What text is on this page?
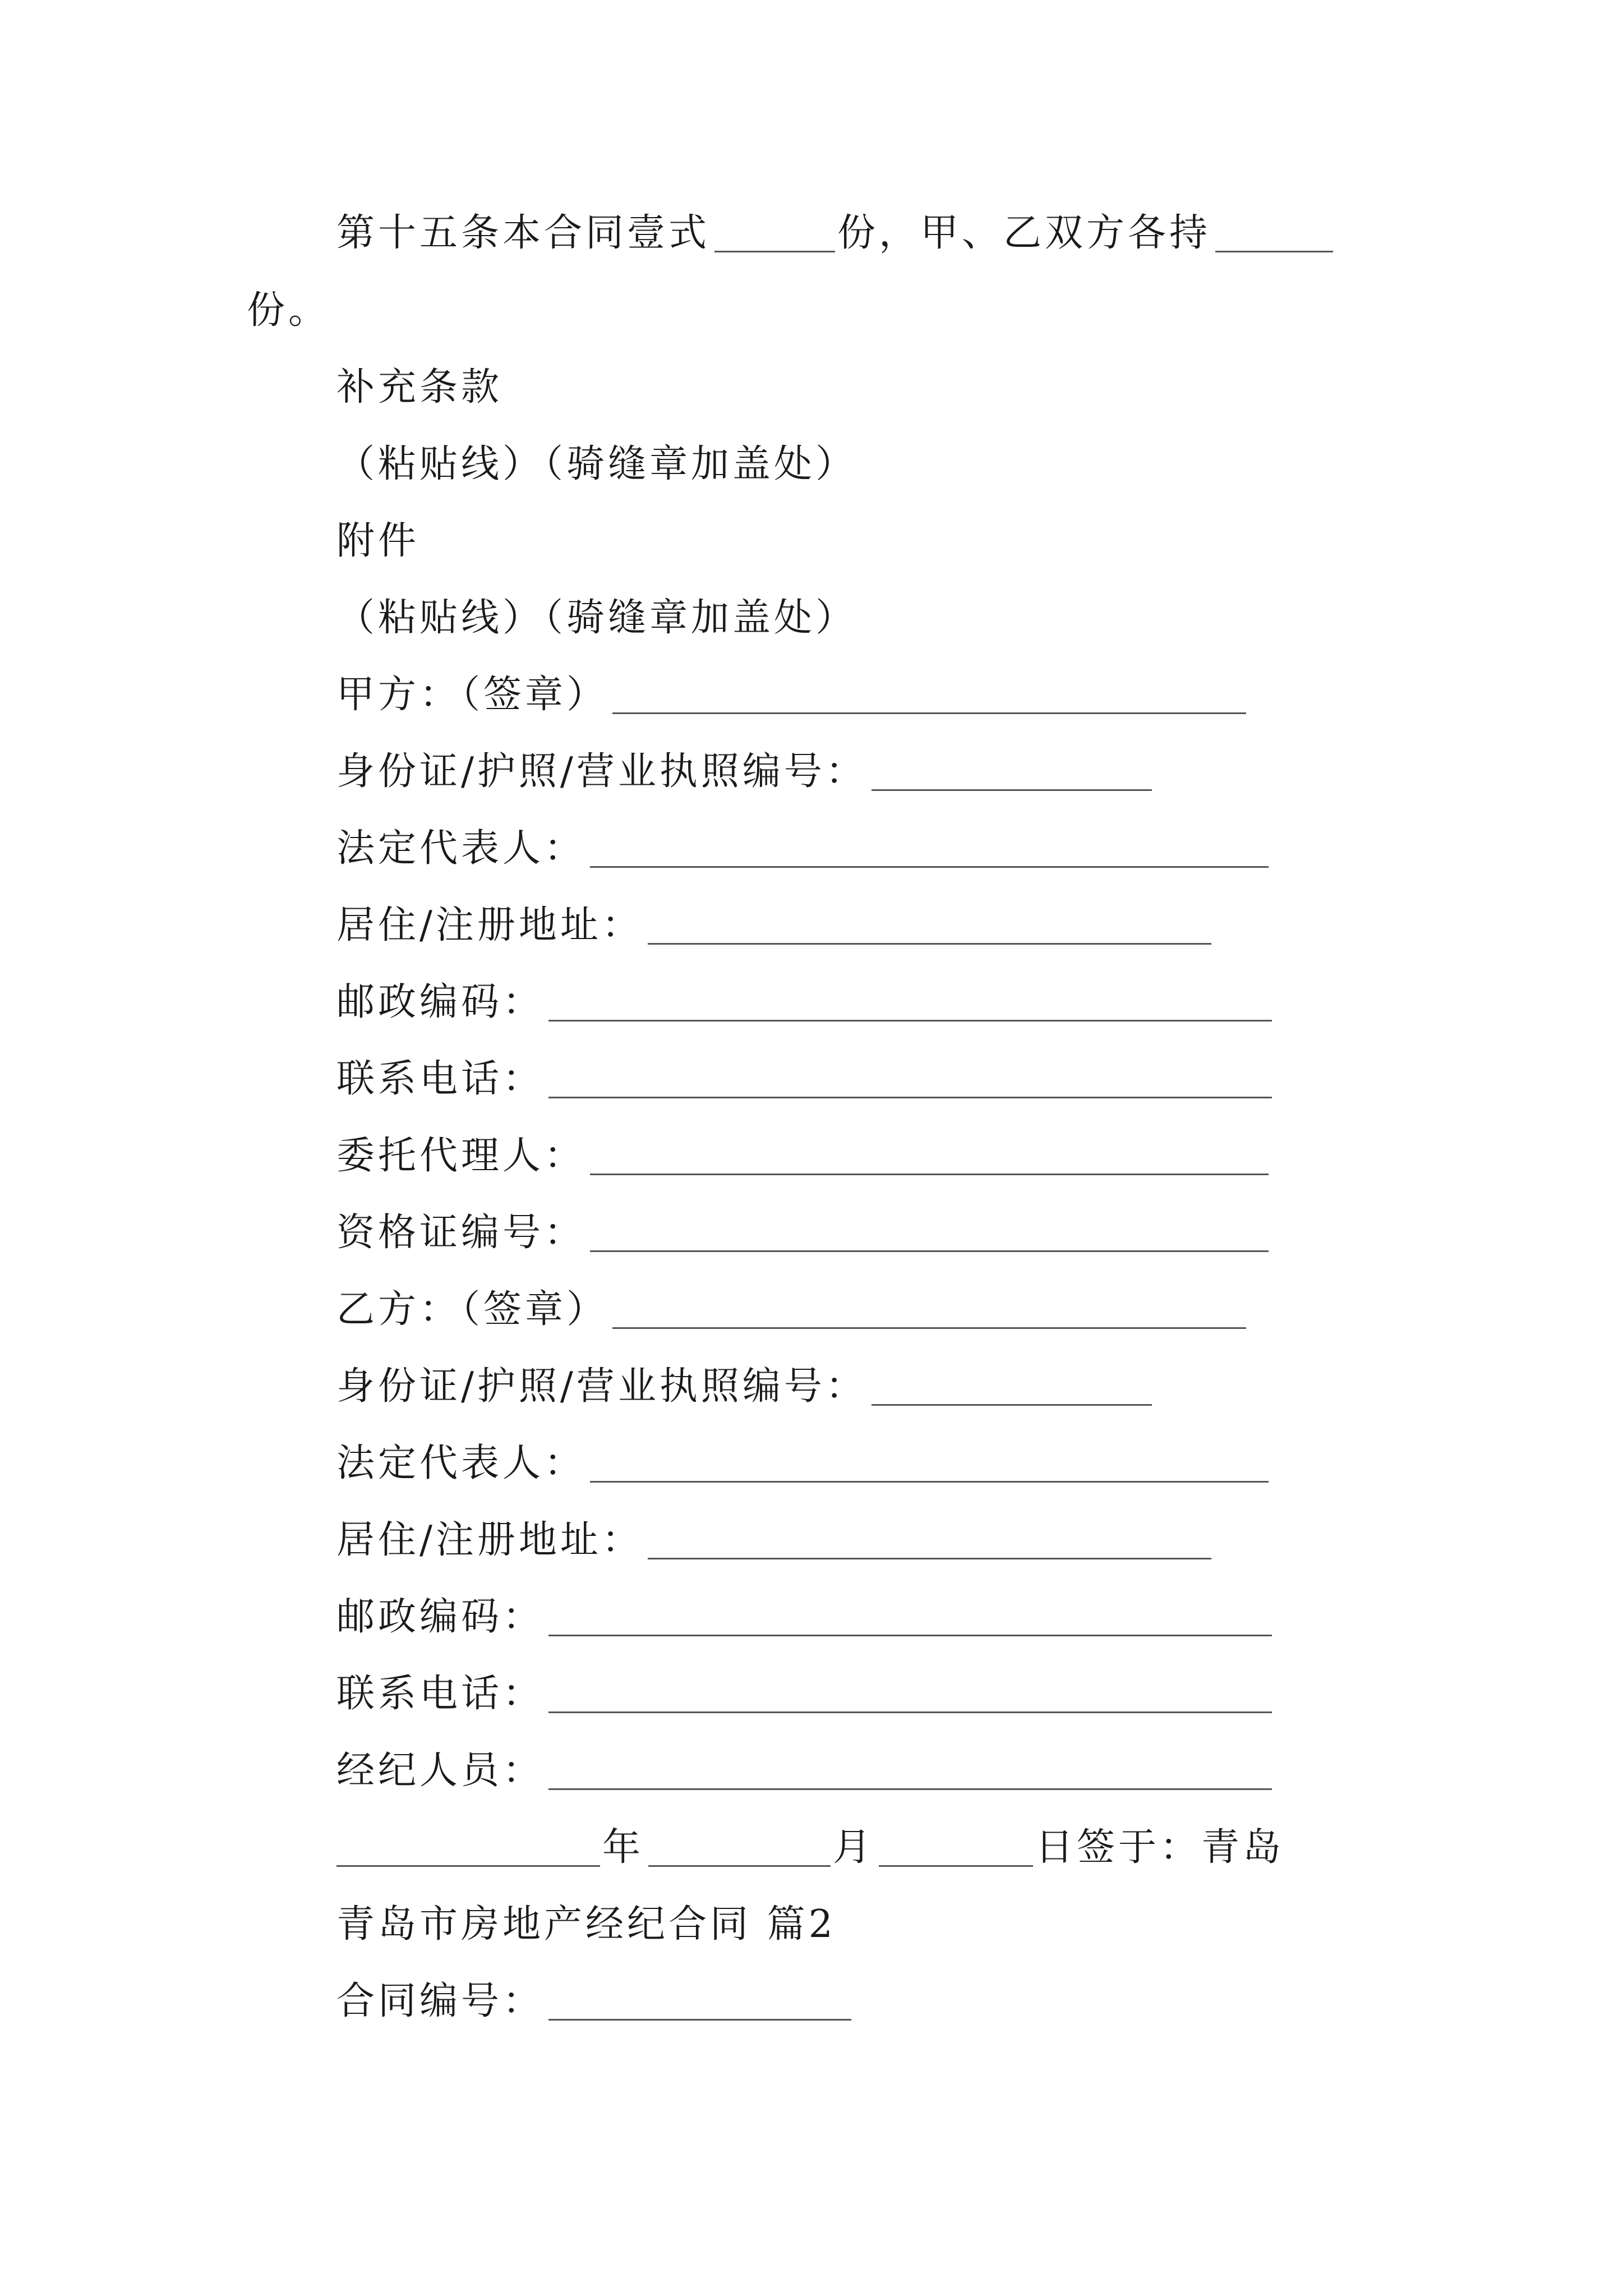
第十五条本合同壹式	份，甲、乙双方各持
份。
补充条款
（粘贴线）（骑缝章加盖处）
附件
（粘贴线）（骑缝章加盖处）
甲方：（签章）
身份证/护照/营业执照编号：
法定代表人：
居住/注册地址：
邮政编码：
联系电话：
委托代理人：
资格证编号：
乙方：（签章）
身份证/护照/营业执照编号：
法定代表人：
居住/注册地址：
邮政编码：
联系电话：
经纪人员：
年	月	日签于：青岛
青岛市房地产经纪合同 篇2
合同编号：
